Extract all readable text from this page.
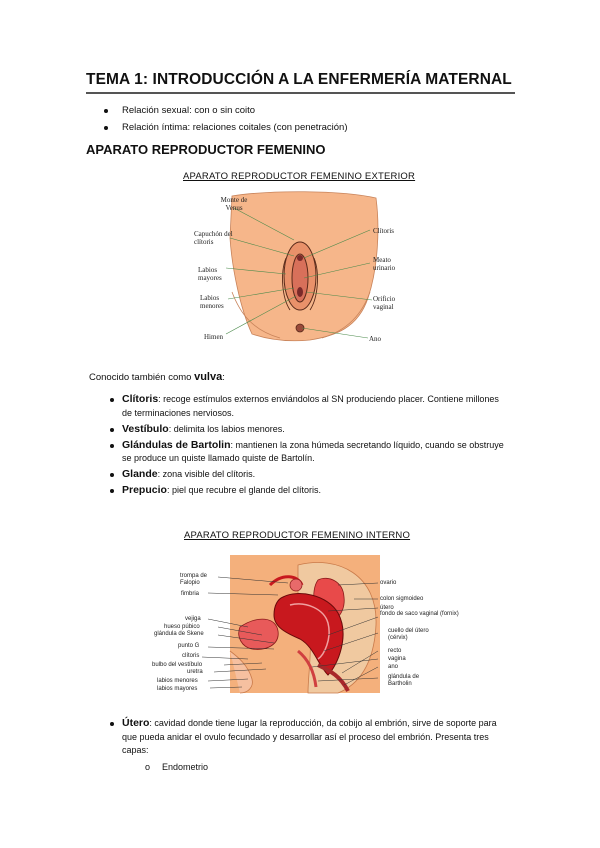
TEMA 1: INTRODUCCIÓN A LA ENFERMERÍA MATERNAL
Relación sexual: con o sin coito
Relación íntima: relaciones coitales (con penetración)
APARATO REPRODUCTOR FEMENINO
APARATO REPRODUCTOR FEMENINO EXTERIOR
Monte de Venus
Capuchón del clítoris
Labios mayores
Labios menores
Himen
Clítoris
Meato urinario
Orificio vaginal
Ano
Conocido también como vulva:
Clítoris: recoge estímulos externos enviándolos al SN produciendo placer. Contiene millones de terminaciones nerviosos.
Vestíbulo: delimita los labios menores.
Glándulas de Bartolin: mantienen la zona húmeda secretando líquido, cuando se obstruye se produce un quiste llamado quiste de Bartolín.
Glande: zona visible del clítoris.
Prepucio: piel que recubre el glande del clítoris.
APARATO REPRODUCTOR FEMENINO INTERNO
trompa de Falopio
fimbria
vejiga
hueso púbico
glándula de Skene
punto G
clítoris
bulbo del vestíbulo
uretra
labios menores
labios mayores
ovario
colon sigmoideo
útero
fondo de saco vaginal (fornix)
cuello del útero (cérvix)
recto
vagina
ano
glándula de Bartholin
Útero: cavidad donde tiene lugar la reproducción, da cobijo al embrión, sirve de soporte para que pueda anidar el ovulo fecundado y desarrollar así el proceso del embrión. Presenta tres capas:
o Endometrio
